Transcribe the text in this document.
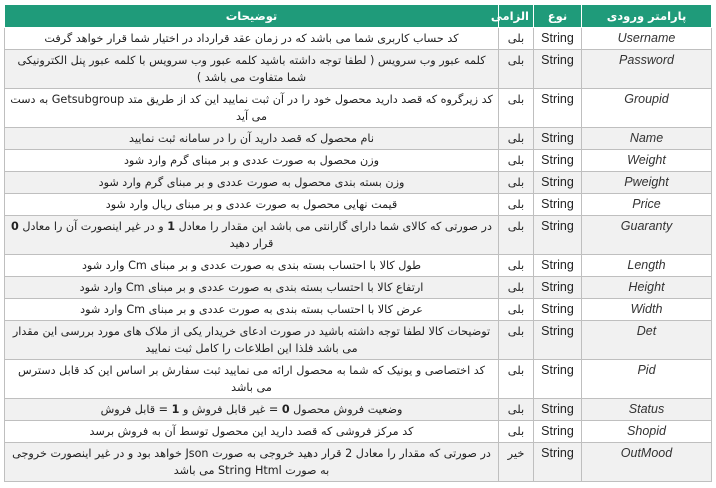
پارامتر ورودی	نوع	الزامی	توضیحات
Username	String	بلی	کد حساب کاربری شما می باشد که در زمان عقد قرارداد در اختیار شما قرار خواهد گرفت
Password	String	بلی	کلمه عبور وب سرویس ( لطفا توجه داشته باشید کلمه عبور وب سرویس با کلمه عبور پنل الکترونیکی شما متفاوت می باشد )
Groupid	String	بلی	کد زیرگروه که قصد دارید محصول خود را در آن ثبت نمایید این کد از طریق متد Getsubgroup به دست می آید
Name	String	بلی	نام محصول که قصد دارید آن را در سامانه ثبت نمایید
Weight	String	بلی	وزن محصول به صورت عددی و بر مبنای گرم وارد شود
Pweight	String	بلی	وزن بسته بندی محصول به صورت عددی و بر مبنای گرم وارد شود
Price	String	بلی	قیمت نهایی محصول به صورت عددی و بر مبنای ریال وارد شود
Guaranty	String	بلی	در صورتی که کالای شما دارای گارانتی می باشد این مقدار را معادل 1 و در غیر اینصورت آن را معادل 0 قرار دهید
Length	String	بلی	طول کالا با احتساب بسته بندی به صورت عددی و بر مبنای Cm وارد شود
Height	String	بلی	ارتفاع کالا با احتساب بسته بندی به صورت عددی و بر مبنای Cm وارد شود
Width	String	بلی	عرض کالا با احتساب بسته بندی به صورت عددی و بر مبنای Cm وارد شود
Det	String	بلی	توضیحات کالا لطفا توجه داشته باشید در صورت ادعای خریدار یکی از ملاک های مورد بررسی این مقدار می باشد فلذا این اطلاعات را کامل ثبت نمایید
Pid	String	بلی	کد اختصاصی و یونیک که شما به محصول ارائه می نمایید ثبت سفارش بر اساس این کد قابل دسترس می باشد
Status	String	بلی	وضعیت فروش محصول 0 = غیر قابل فروش و 1 = قابل فروش
Shopid	String	بلی	کد مرکز فروشی که قصد دارید این محصول توسط آن به فروش برسد
OutMood	String	خیر	در صورتی که مقدار را معادل 2 قرار دهید خروجی به صورت Json خواهد بود و در غیر اینصورت خروجی به صورت String Html می باشد
